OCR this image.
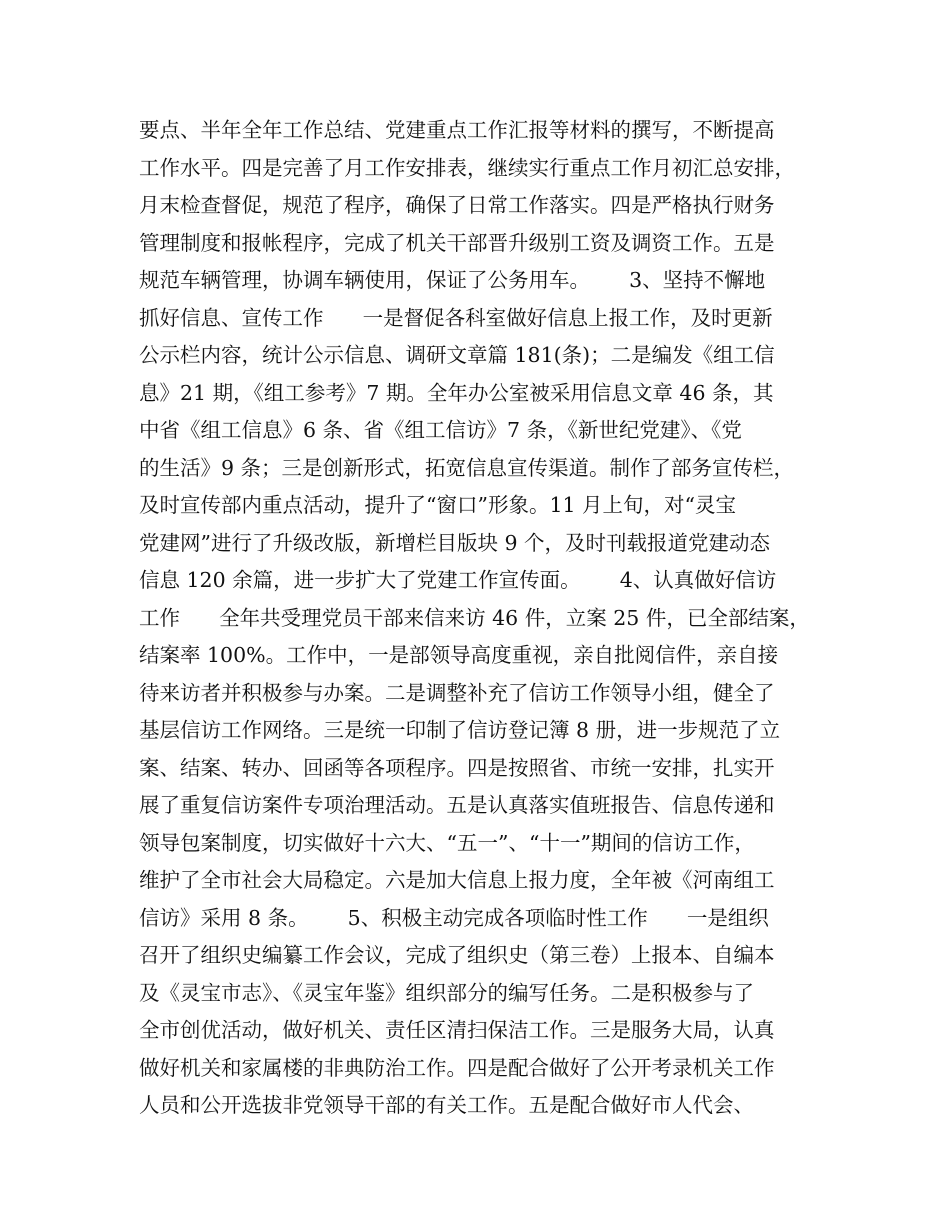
要点、半年全年工作总结、党建重点工作汇报等材料的撰写，不断提高
工作水平。四是完善了月工作安排表，继续实行重点工作月初汇总安排，
月末检查督促，规范了程序，确保了日常工作落实。四是严格执行财务
管理制度和报帐程序，完成了机关干部晋升级别工资及调资工作。五是
规范车辆管理，协调车辆使用，保证了公务用车。      3、坚持不懈地
抓好信息、宣传工作      一是督促各科室做好信息上报工作，及时更新
公示栏内容，统计公示信息、调研文章篇 181(条)；二是编发《组工信
息》21 期，《组工参考》7 期。全年办公室被采用信息文章 46 条，其
中省《组工信息》6 条、省《组工信访》7 条，《新世纪党建》、《党
的生活》9 条；三是创新形式，拓宽信息宣传渠道。制作了部务宣传栏，
及时宣传部内重点活动，提升了“窗口”形象。11 月上旬，对“灵宝
党建网”进行了升级改版，新增栏目版块 9 个，及时刊载报道党建动态
信息 120 余篇，进一步扩大了党建工作宣传面。      4、认真做好信访
工作      全年共受理党员干部来信来访 46 件，立案 25 件，已全部结案，
结案率 100%。工作中，一是部领导高度重视，亲自批阅信件，亲自接
待来访者并积极参与办案。二是调整补充了信访工作领导小组，健全了
基层信访工作网络。三是统一印制了信访登记簿 8 册，进一步规范了立
案、结案、转办、回函等各项程序。四是按照省、市统一安排，扎实开
展了重复信访案件专项治理活动。五是认真落实值班报告、信息传递和
领导包案制度，切实做好十六大、“五一”、“十一”期间的信访工作，
维护了全市社会大局稳定。六是加大信息上报力度，全年被《河南组工
信访》采用 8 条。      5、积极主动完成各项临时性工作      一是组织
召开了组织史编纂工作会议，完成了组织史（第三卷）上报本、自编本
及《灵宝市志》、《灵宝年鉴》组织部分的编写任务。二是积极参与了
全市创优活动，做好机关、责任区清扫保洁工作。三是服务大局，认真
做好机关和家属楼的非典防治工作。四是配合做好了公开考录机关工作
人员和公开选拔非党领导干部的有关工作。五是配合做好市人代会、
